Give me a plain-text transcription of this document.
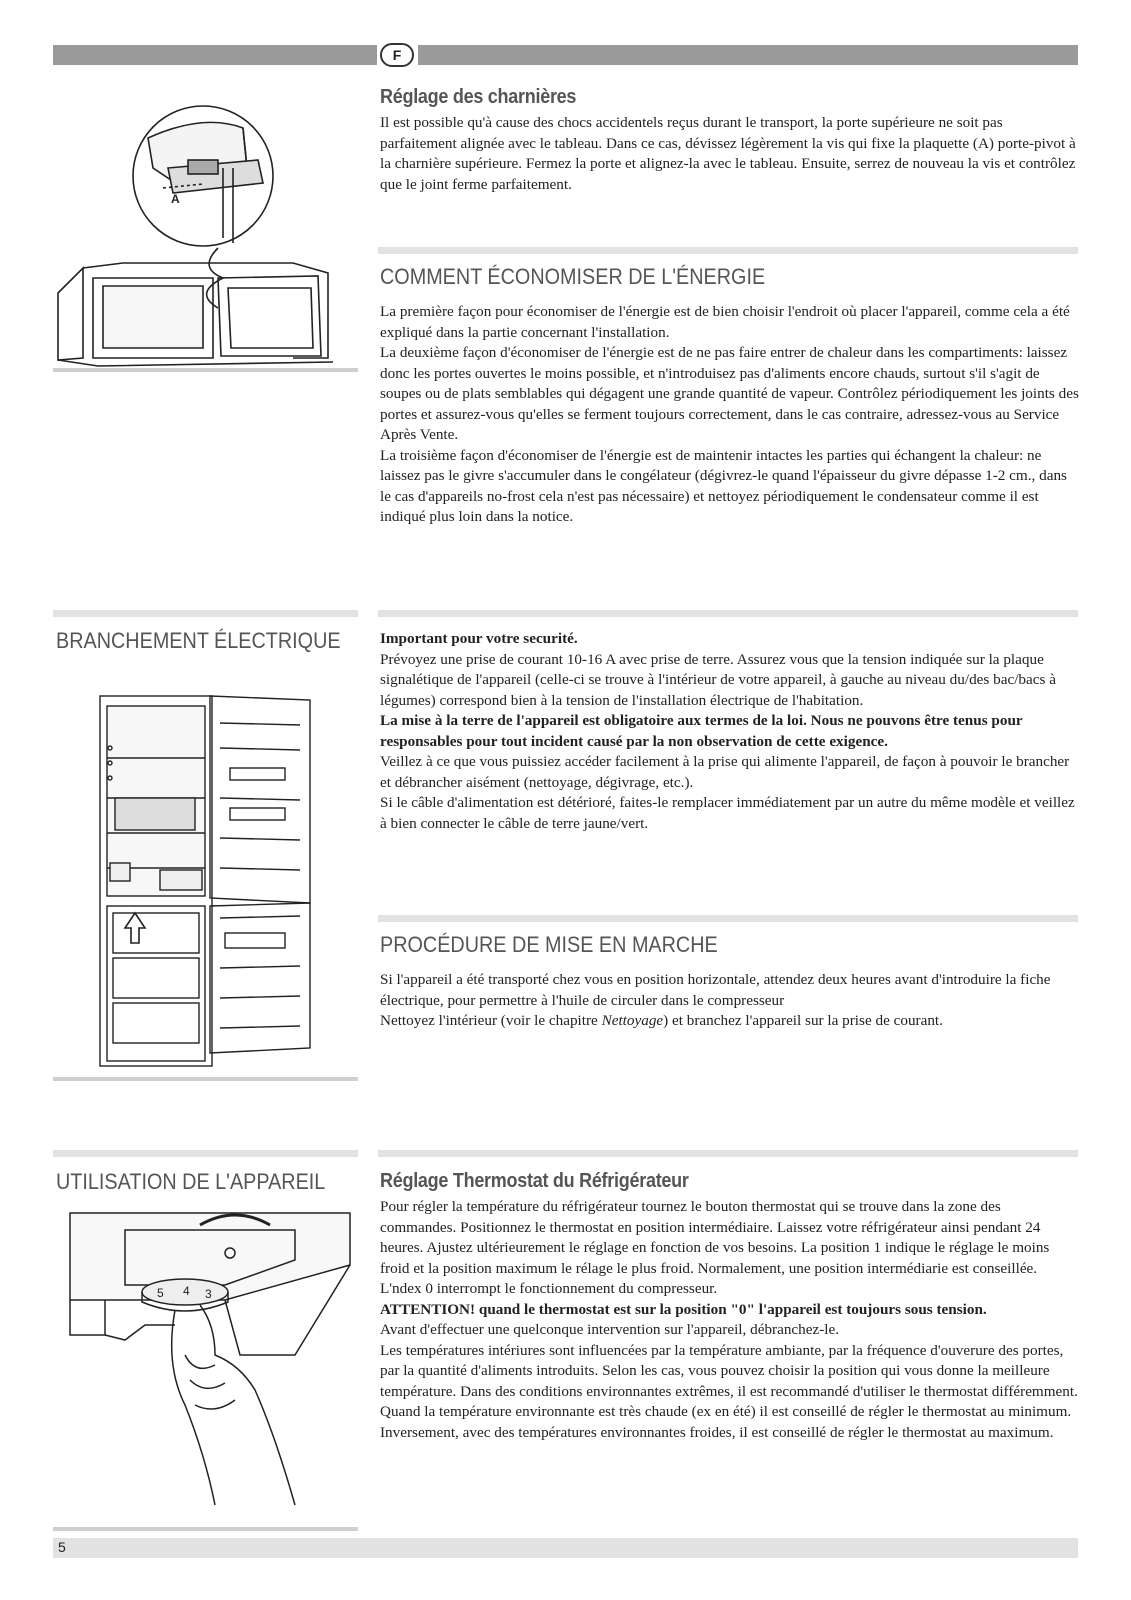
F
Réglage des charnières

Il est possible qu'à cause des chocs accidentels reçus durant le transport, la porte supérieure ne soit pas parfaitement alignée avec le tableau. Dans ce cas, dévissez légèrement la vis qui fixe la plaquette (A) porte-pivot à la charnière supérieure. Fermez la porte et alignez-la avec le tableau. Ensuite, serrez de nouveau la vis et contrôlez que le joint ferme parfaitement.

A
COMMENT ÉCONOMISER DE L'ÉNERGIE

La première façon pour économiser de l'énergie est de bien choisir l'endroit où placer l'appareil, comme cela a été expliqué dans la partie concernant l'installation.

La deuxième façon d'économiser de l'énergie est de ne pas faire entrer de chaleur dans les compartiments: laissez donc les portes ouvertes le moins possible, et n'introduisez pas d'aliments encore chauds, surtout s'il s'agit de soupes ou de plats semblables qui dégagent une grande quantité de vapeur. Contrôlez périodiquement les joints des portes et assurez-vous qu'elles se ferment toujours correctement, dans le cas contraire, adressez-vous au Service Après Vente.

La troisième façon d'économiser de l'énergie est de maintenir intactes les parties qui échangent la chaleur: ne laissez pas le givre s'accumuler dans le congélateur (dégivrez-le quand l'épaisseur du givre dépasse 1-2 cm., dans le cas d'appareils no-frost cela n'est pas nécessaire) et nettoyez périodiquement le condensateur comme il est indiqué plus loin dans la notice.

BRANCHEMENT ÉLECTRIQUE	Important pour votre securité.

Prévoyez une prise de courant 10-16 A avec prise de terre. Assurez vous que la tension indiquée sur la plaque signalétique de l'appareil (celle-ci se trouve à l'intérieur de votre appareil, à gauche au niveau du/des bac/bacs à légumes) correspond bien à la tension de l'installation électrique de l'habitation.

La mise à la terre de l'appareil est obligatoire aux termes de la loi. Nous ne pouvons être tenus pour responsables pour tout incident causé par la non observation de cette exigence.

Veillez à ce que vous puissiez accéder facilement à la prise qui alimente l'appareil, de façon à pouvoir le brancher et débrancher aisément (nettoyage, dégivrage, etc.).

Si le câble d'alimentation est détérioré, faites-le remplacer immédiatement par un autre du même modèle et veillez à bien connecter le câble de terre jaune/vert.

PROCÉDURE DE MISE EN MARCHE

Si l'appareil a été transporté chez vous en position horizontale, attendez deux heures avant d'introduire la fiche électrique, pour permettre à l'huile de circuler dans le compresseur

Nettoyez l'intérieur (voir le chapitre Nettoyage) et branchez l'appareil sur la prise de courant.

UTILISATION DE L'APPAREIL	Réglage Thermostat du Réfrigérateur

Pour régler la température du réfrigérateur tournez le bouton thermostat qui se trouve dans la zone des commandes. Positionnez le thermostat en position intermédiaire. Laissez votre réfrigérateur ainsi pendant 24 heures. Ajustez ultérieurement le réglage en fonction de vos besoins. La position 1 indique le réglage le moins froid et la position maximum le rélage le plus froid. Normalement, une position intermédiarie est conseillée.

L'ndex 0 interrompt le fonctionnement du compresseur.

ATTENTION! quand le thermostat est sur la position "0" l'appareil est toujours sous tension.

Avant d'effectuer une quelconque intervention sur l'appareil, débranchez-le.

Les températures intériures sont influencées par la température ambiante, par la fréquence d'ouverure des portes, par la quantité d'aliments introduits. Selon les cas, vous pouvez choisir la position qui vous donne la meilleure température. Dans des conditions environnantes extrêmes, il est recommandé d'utiliser le thermostat différemment. Quand la température environnante est très chaude (ex en été) il est conseillé de régler le thermostat au minimum. Inversement, avec des températures environnantes froides, il est conseillé de régler le thermostat au maximum.

5 4 3
5
